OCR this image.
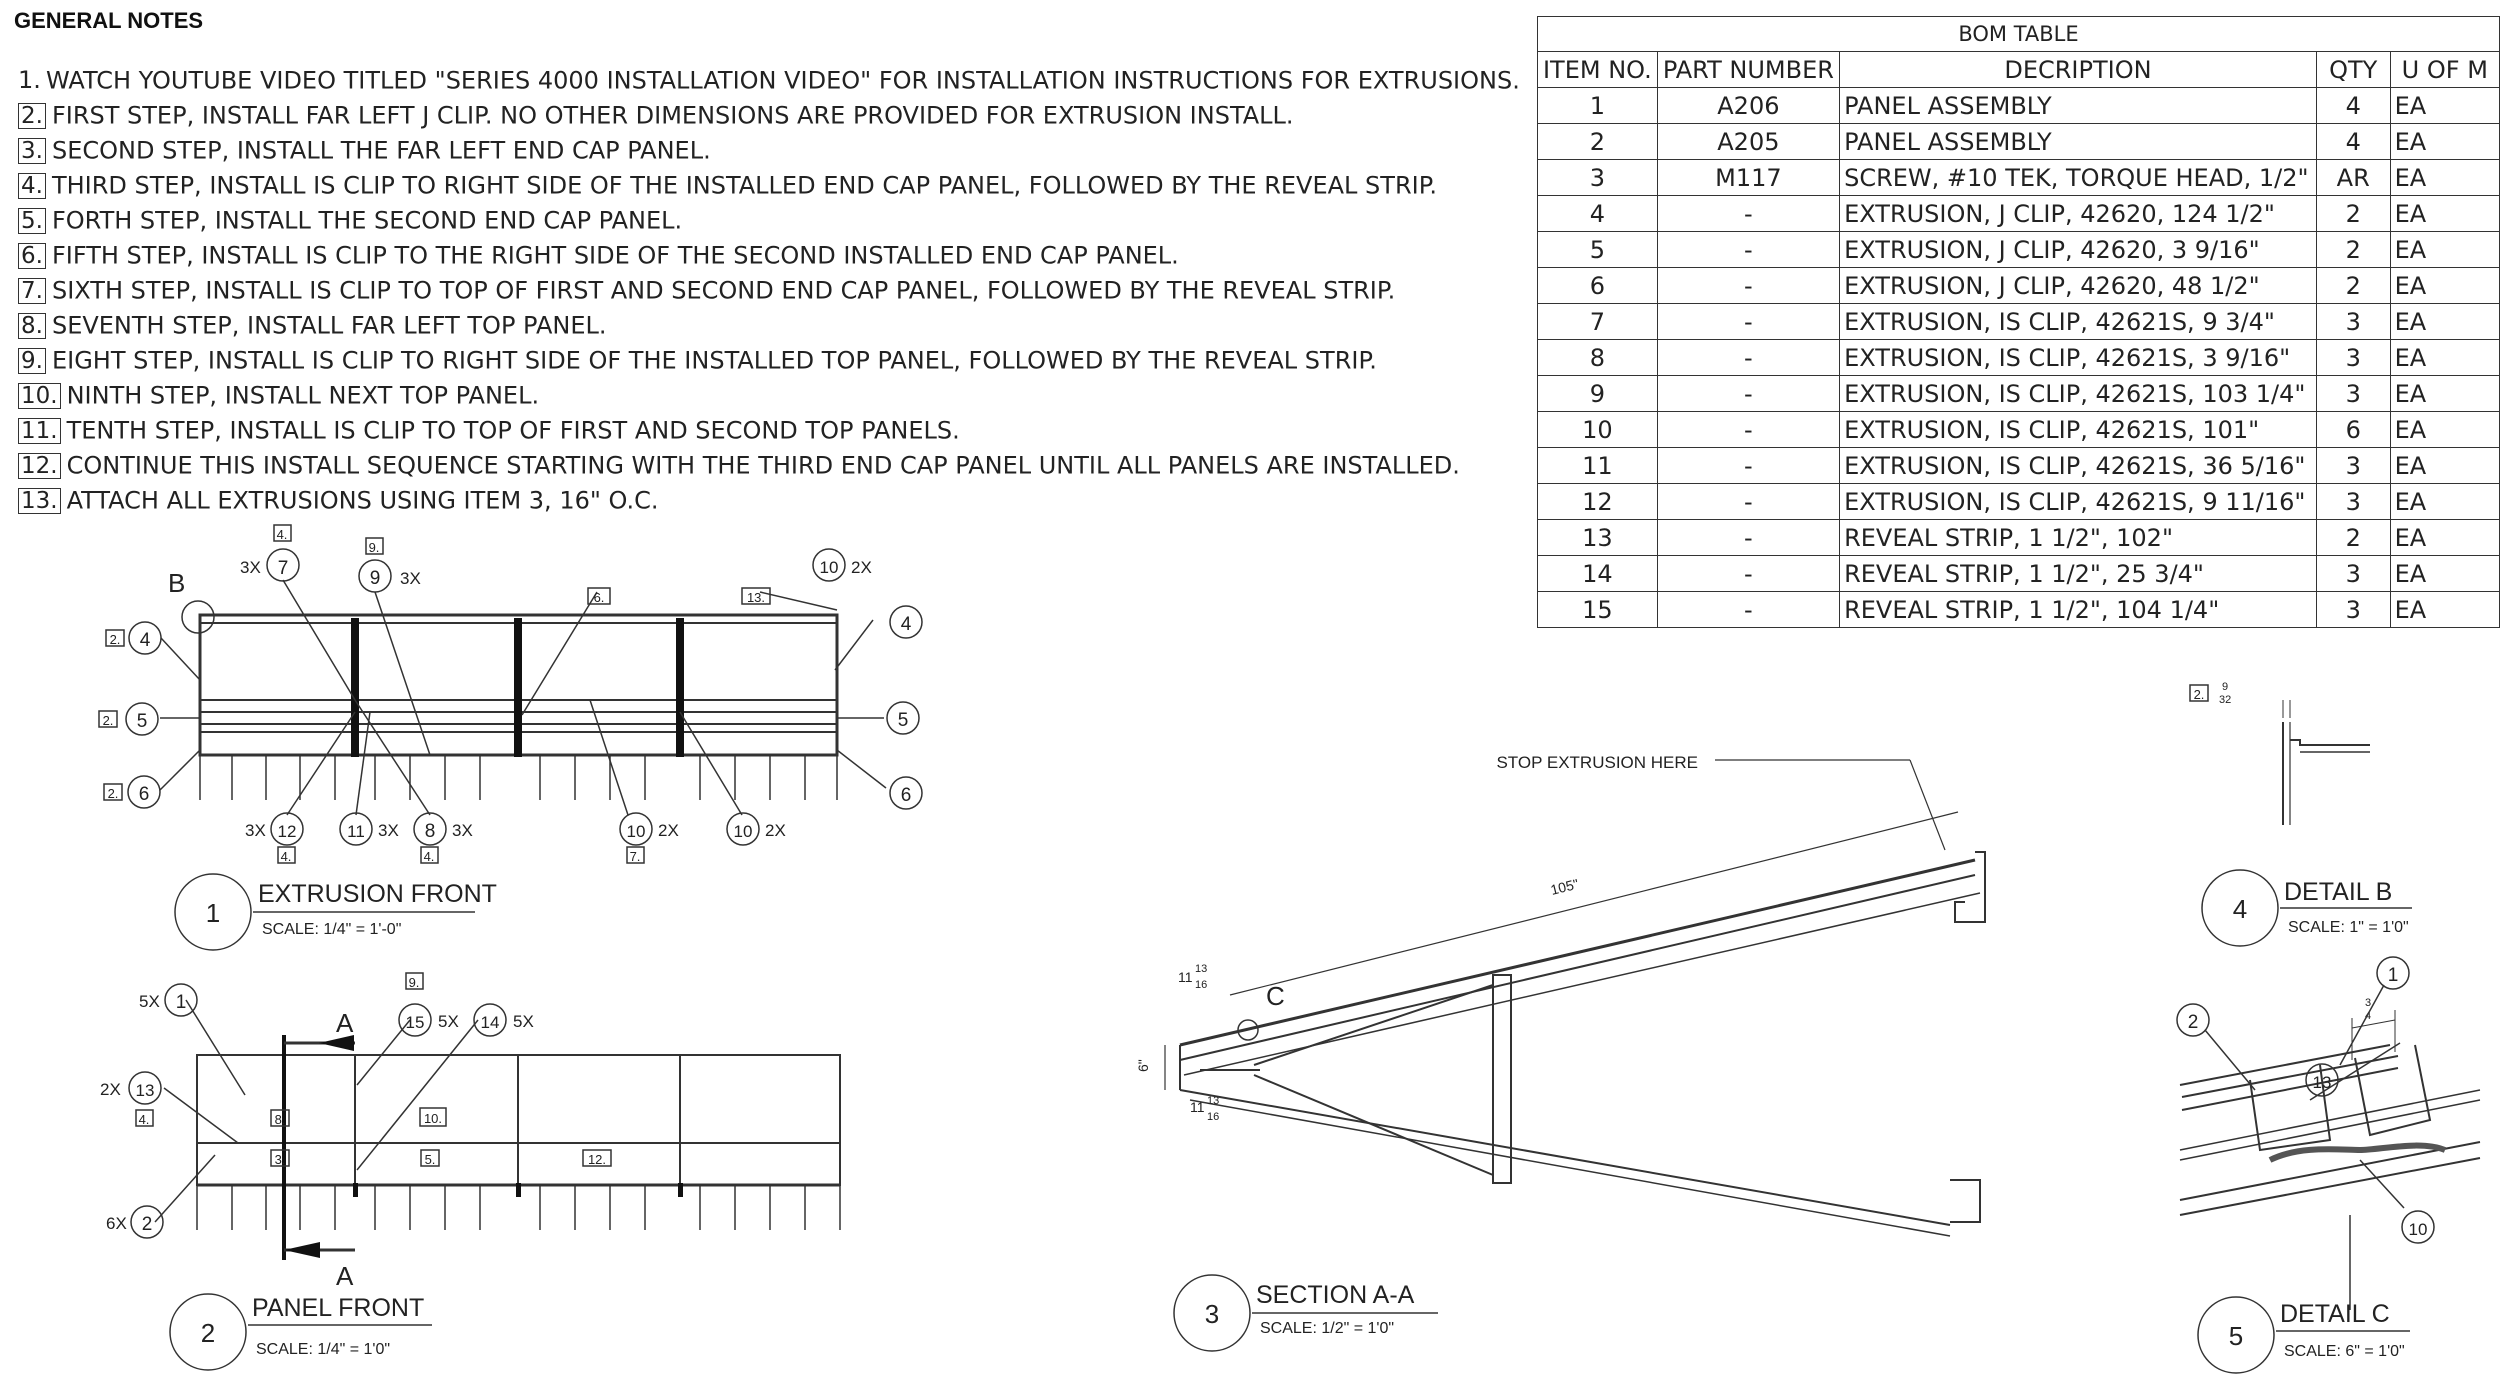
GENERAL NOTES
1. WATCH YOUTUBE VIDEO TITLED "SERIES 4000 INSTALLATION VIDEO" FOR INSTALLATION INSTRUCTIONS FOR EXTRUSIONS.
2. FIRST STEP, INSTALL FAR LEFT J CLIP. NO OTHER DIMENSIONS ARE PROVIDED FOR EXTRUSION INSTALL.
3. SECOND STEP, INSTALL THE FAR LEFT END CAP PANEL.
4. THIRD STEP, INSTALL IS CLIP TO RIGHT SIDE OF THE INSTALLED END CAP PANEL, FOLLOWED BY THE REVEAL STRIP.
5. FORTH STEP, INSTALL THE SECOND END CAP PANEL.
6. FIFTH STEP, INSTALL IS CLIP TO THE RIGHT SIDE OF THE SECOND INSTALLED END CAP PANEL.
7. SIXTH STEP, INSTALL IS CLIP TO TOP OF FIRST AND SECOND END CAP PANEL, FOLLOWED BY THE REVEAL STRIP.
8. SEVENTH STEP, INSTALL FAR LEFT TOP PANEL.
9. EIGHT STEP, INSTALL IS CLIP TO RIGHT SIDE OF THE INSTALLED TOP PANEL, FOLLOWED BY THE REVEAL STRIP.
10. NINTH STEP, INSTALL NEXT TOP PANEL.
11. TENTH STEP, INSTALL IS CLIP TO TOP OF FIRST AND SECOND TOP PANELS.
12. CONTINUE THIS INSTALL SEQUENCE STARTING WITH THE THIRD END CAP PANEL UNTIL ALL PANELS ARE INSTALLED.
13. ATTACH ALL EXTRUSIONS USING ITEM 3, 16" O.C.
BOM TABLE				
ITEM NO.	PART NUMBER	DECRIPTION	QTY	U OF M
1	A206	PANEL ASSEMBLY	4	EA
2	A205	PANEL ASSEMBLY	4	EA
3	M117	SCREW, #10 TEK, TORQUE HEAD, 1/2"	AR	EA
4	-	EXTRUSION, J CLIP, 42620, 124 1/2"	2	EA
5	-	EXTRUSION, J CLIP, 42620, 3 9/16"	2	EA
6	-	EXTRUSION, J CLIP, 42620, 48 1/2"	2	EA
7	-	EXTRUSION, IS CLIP, 42621S, 9 3/4"	3	EA
8	-	EXTRUSION, IS CLIP, 42621S, 3 9/16"	3	EA
9	-	EXTRUSION, IS CLIP, 42621S, 103 1/4"	3	EA
10	-	EXTRUSION, IS CLIP, 42621S, 101"	6	EA
11	-	EXTRUSION, IS CLIP, 42621S, 36 5/16"	3	EA
12	-	EXTRUSION, IS CLIP, 42621S, 9 11/16"	3	EA
13	-	REVEAL STRIP, 1 1/2", 102"	2	EA
14	-	REVEAL STRIP, 1 1/2", 25 3/4"	3	EA
15	-	REVEAL STRIP, 1 1/2", 104 1/4"	3	EA
B	7
3X
4.
9 3X
9.
6.	13.
10 2X
4
5
6
4
2.
5
2.
6
2.
12
3X
4.
11 3X 8 3X
4.
10 2X
7.
10 2X
1
EXTRUSION FRONT
SCALE: 1/4" = 1'-0"
A
A
1
5X
13
2X
4.
2
6X
15 5X
9.
14 5X
8.
3.
10.
5.	12.
2
PANEL FRONT
SCALE: 1/4" = 1'0"
C
105"
STOP EXTRUSION HERE
6"
11 13
16
11 13
16
3
SECTION A-A
SCALE: 1/2" = 1'0"
2. 9
32
4
DETAIL B
SCALE: 1" = 1'0"
3
4
2
1
13
10
5
DETAIL C
SCALE: 6" = 1'0"
